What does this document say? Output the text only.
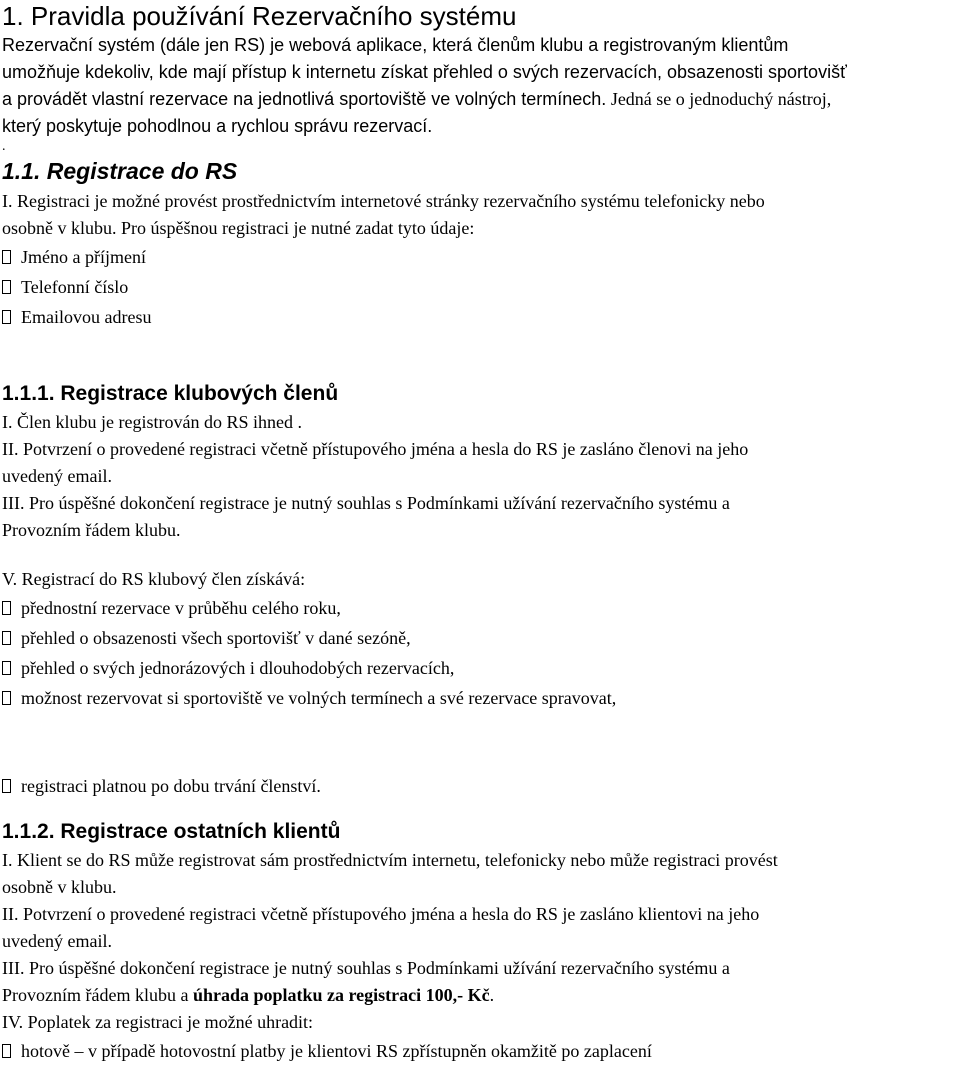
1. Pravidla používání Rezervačního systému
Rezervační systém (dále jen RS) je webová aplikace, která členům klubu a registrovaným klientům
umožňuje kdekoliv, kde mají přístup k internetu získat přehled o svých rezervacích, obsazenosti sportovišť
a provádět vlastní rezervace na jednotlivá sportoviště ve volných termínech. Jedná se o jednoduchý nástroj,
který poskytuje pohodlnou a rychlou správu rezervací.
.
1.1. Registrace do RS
I. Registraci je možné provést prostřednictvím internetové stránky rezervačního systému telefonicky nebo
osobně v klubu. Pro úspěšnou registraci je nutné zadat tyto údaje:
Jméno a příjmení
Telefonní číslo
Emailovou adresu
1.1.1. Registrace klubových členů
I. Člen klubu je registrován do RS ihned .
II. Potvrzení o provedené registraci včetně přístupového jména a hesla do RS je zasláno členovi na jeho
uvedený email.
III. Pro úspěšné dokončení registrace je nutný souhlas s Podmínkami užívání rezervačního systému a
Provozním řádem klubu.
V. Registrací do RS klubový člen získává:
přednostní rezervace v průběhu celého roku,
přehled o obsazenosti všech sportovišť v dané sezóně,
přehled o svých jednorázových i dlouhodobých rezervacích,
možnost rezervovat si sportoviště ve volných termínech a své rezervace spravovat,
registraci platnou po dobu trvání členství.
1.1.2. Registrace ostatních klientů
I. Klient se do RS může registrovat sám prostřednictvím internetu, telefonicky nebo může registraci provést
osobně v klubu.
II. Potvrzení o provedené registraci včetně přístupového jména a hesla do RS je zasláno klientovi na jeho
uvedený email.
III. Pro úspěšné dokončení registrace je nutný souhlas s Podmínkami užívání rezervačního systému a
Provozním řádem klubu a úhrada poplatku za registraci 100,- Kč.
IV. Poplatek za registraci je možné uhradit:
hotově – v případě hotovostní platby je klientovi RS zpřístupněn okamžitě po zaplacení
